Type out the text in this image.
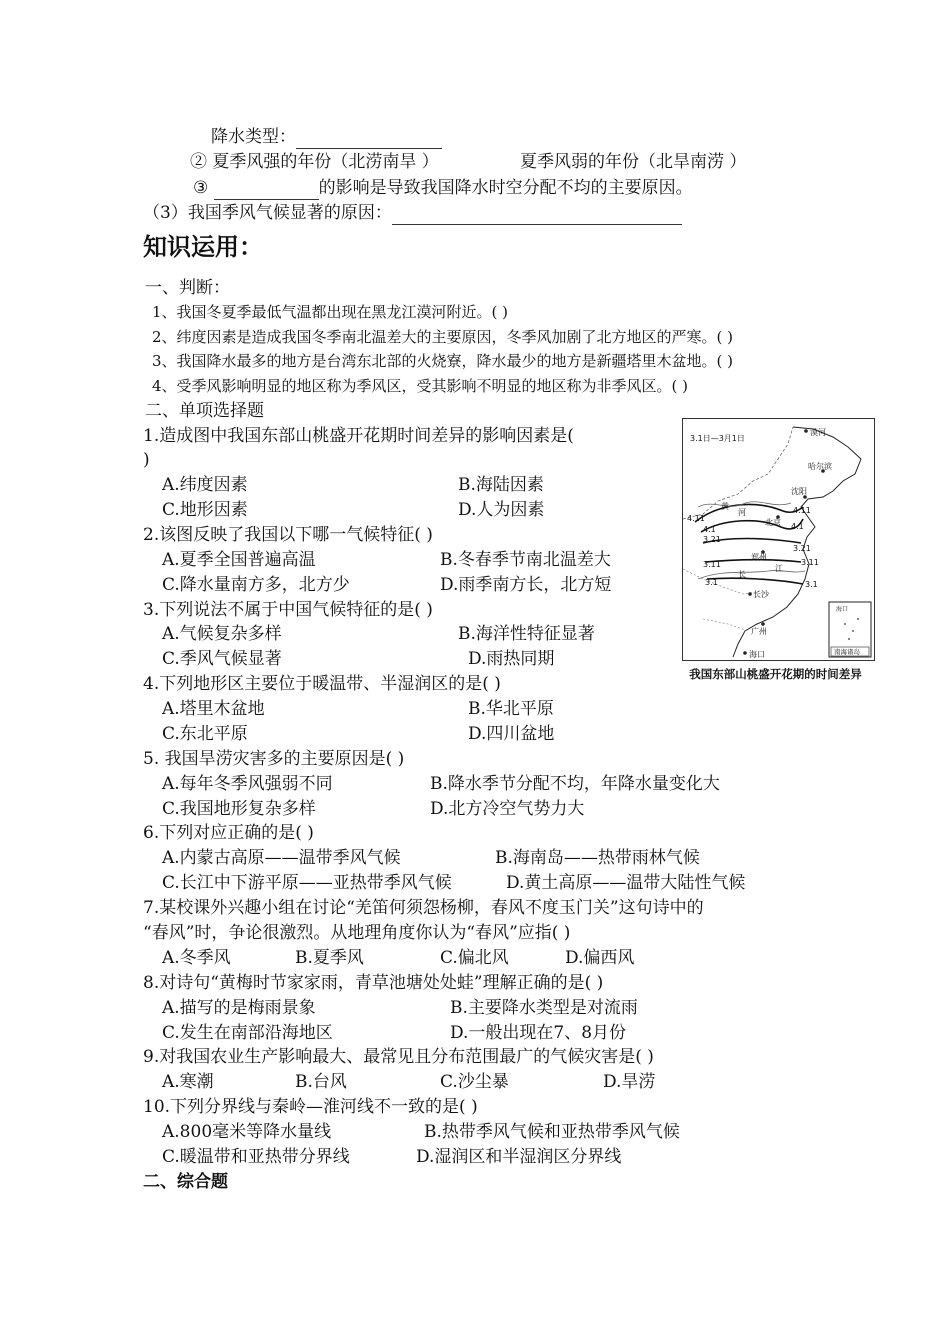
降水类型：
② 夏季风强的年份（北涝南旱 ）	夏季风弱的年份（北旱南涝 ）
③	的影响是导致我国降水时空分配不均的主要原因。
（3）我国季风气候显著的原因：
知识运用：
一、判断：
1、我国冬夏季最低气温都出现在黑龙江漠河附近。( )
2、纬度因素是造成我国冬季南北温差大的主要原因，冬季风加剧了北方地区的严寒。( )
3、我国降水最多的地方是台湾东北部的火烧寮，降水最少的地方是新疆塔里木盆地。( )
4、受季风影响明显的地区称为季风区，受其影响不明显的地区称为非季风区。( )
二、单项选择题
1.造成图中我国东部山桃盛开花期时间差异的影响因素是(
)
A.纬度因素	B.海陆因素
C.地形因素	D.人为因素
2.该图反映了我国以下哪一气候特征( )
A.夏季全国普遍高温	B.冬春季节南北温差大
C.降水量南方多，北方少	D.雨季南方长，北方短
3.下列说法不属于中国气候特征的是( )
A.气候复杂多样	B.海洋性特征显著
C.季风气候显著	D.雨热同期
4.下列地形区主要位于暖温带、半湿润区的是( )
A.塔里木盆地	B.华北平原
C.东北平原	D.四川盆地
5. 我国旱涝灾害多的主要原因是( )
A.每年冬季风强弱不同	B.降水季节分配不均，年降水量变化大
C.我国地形复杂多样	D.北方冷空气势力大
6.下列对应正确的是( )
A.内蒙古高原——温带季风气候	B.海南岛——热带雨林气候
C.长江中下游平原——亚热带季风气候	D.黄土高原——温带大陆性气候
7.某校课外兴趣小组在讨论“羌笛何须怨杨柳，春风不度玉门关”这句诗中的
“春风”时，争论很激烈。从地理角度你认为“春风”应指( )
A.冬季风	B.夏季风	C.偏北风	D.偏西风
8.对诗句“黄梅时节家家雨，青草池塘处处蛙”理解正确的是( )
A.描写的是梅雨景象	B.主要降水类型是对流雨
C.发生在南部沿海地区	D.一般出现在7、8月份
9.对我国农业生产影响最大、最常见且分布范围最广的气候灾害是( )
A.寒潮	B.台风	C.沙尘暴	D.旱涝
10.下列分界线与秦岭—淮河线不一致的是( )
A.800毫米等降水量线	B.热带季风气候和亚热带季风气候
C.暖温带和亚热带分界线	D.湿润区和半湿润区分界线
二、综合题
3.1日—3月1日
漠河
哈尔滨
沈阳
北京
郑州
长沙
广州
海口
黄
河
长
江
4.11
4.1
3.21
3.11
3.1
4.11
4.1
3.21
3.11
3.1
海口
南海诸岛
我国东部山桃盛开花期的时间差异
